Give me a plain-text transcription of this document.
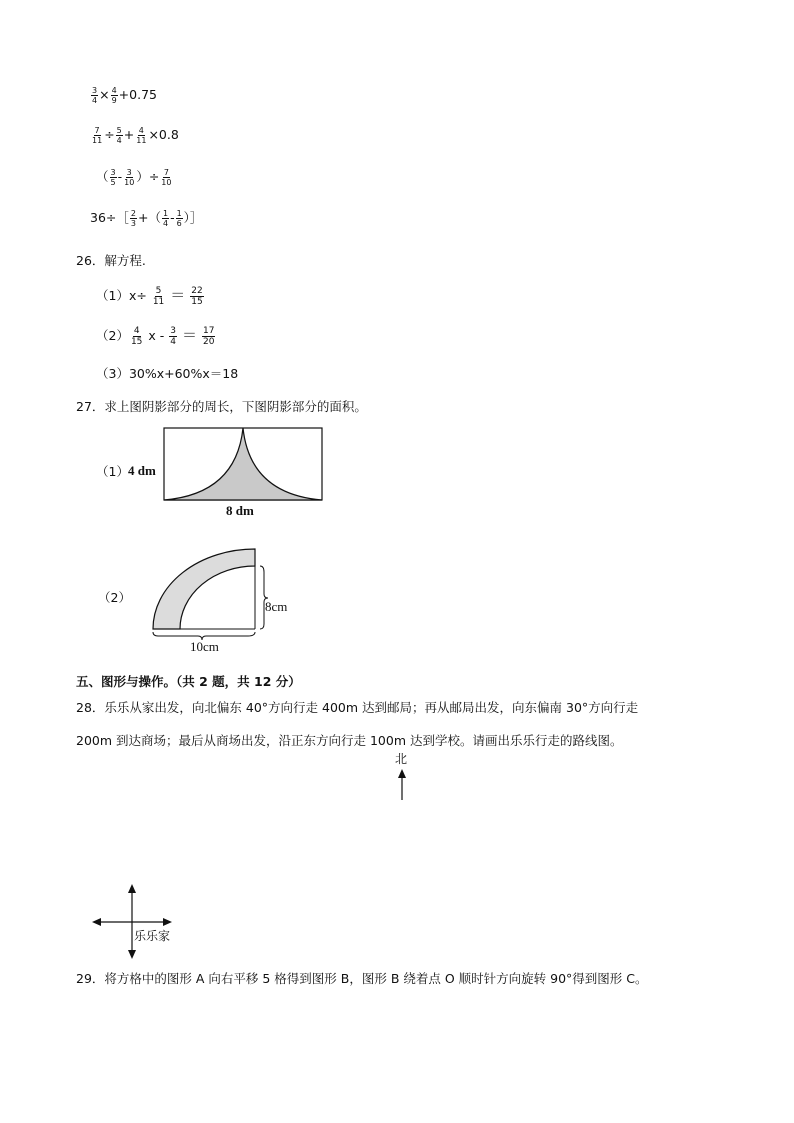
$\frac{3}{4} \times \frac{4}{9} +0.75$
$\frac{7}{11} \div \frac{5}{4} + \frac{4}{11} \times 0.8$
（ $\frac{3}{5} - \frac{3}{10}$ ）÷ $\frac{7}{10}$
36÷［ $\frac{2}{3}$ +（ $\frac{1}{4} - \frac{1}{6}$ ）］
26．解方程.
$(1)x\div \frac{5}{11} = \frac{22}{15}$
$(2) \frac{4}{15}$ $x - \frac{3}{4} = \frac{17}{20}$
（3）30%x+60%x＝18
27．求上图阴影部分的周长，下图阴影部分的面积。
（1） 4 dm
8 dm
（2）
8cm
10cm
五、图形与操作。（共 2 题，共 12 分）
28．乐乐从家出发，向北偏东 40°方向行走 400m 达到邮局；再从邮局出发，向东偏南 30°方向行走
200m 到达商场；最后从商场出发，沿正东方向行走 100m 达到学校。请画出乐乐行走的路线图。
北
乐乐家
29．将方格中的图形 A 向右平移 5 格得到图形 B，图形 B 绕着点 O 顺时针方向旋转 90°得到图形 C。
